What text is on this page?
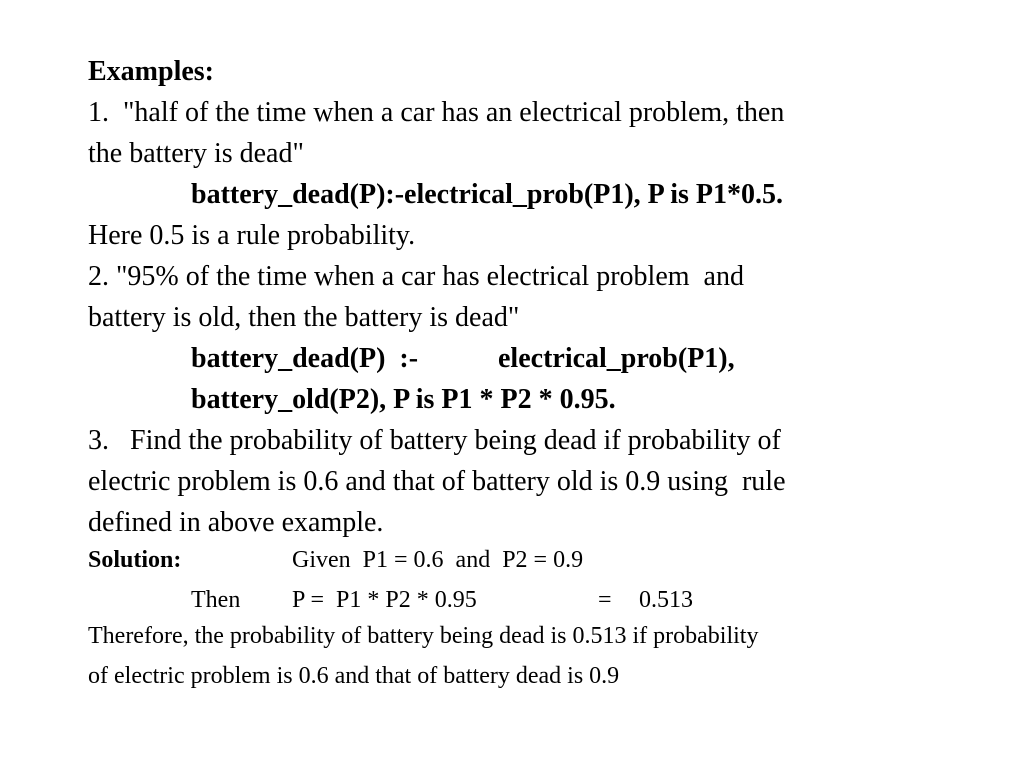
Examples:
1.  "half of the time when a car has an electrical problem, then
the battery is dead"
battery_dead(P):-electrical_prob(P1), P is P1*0.5.
Here 0.5 is a rule probability.
2. "95% of the time when a car has electrical problem  and
battery is old, then the battery is dead"
battery_dead(P)  :-	electrical_prob(P1),
battery_old(P2), P is P1 * P2 * 0.95.
3.   Find the probability of battery being dead if probability of
electric problem is 0.6 and that of battery old is 0.9 using  rule
defined in above example.
Solution:	Given  P1 = 0.6  and  P2 = 0.9
Then P =  P1 * P2 * 0.95	= 0.513
Therefore, the probability of battery being dead is 0.513 if probability
of electric problem is 0.6 and that of battery dead is 0.9
